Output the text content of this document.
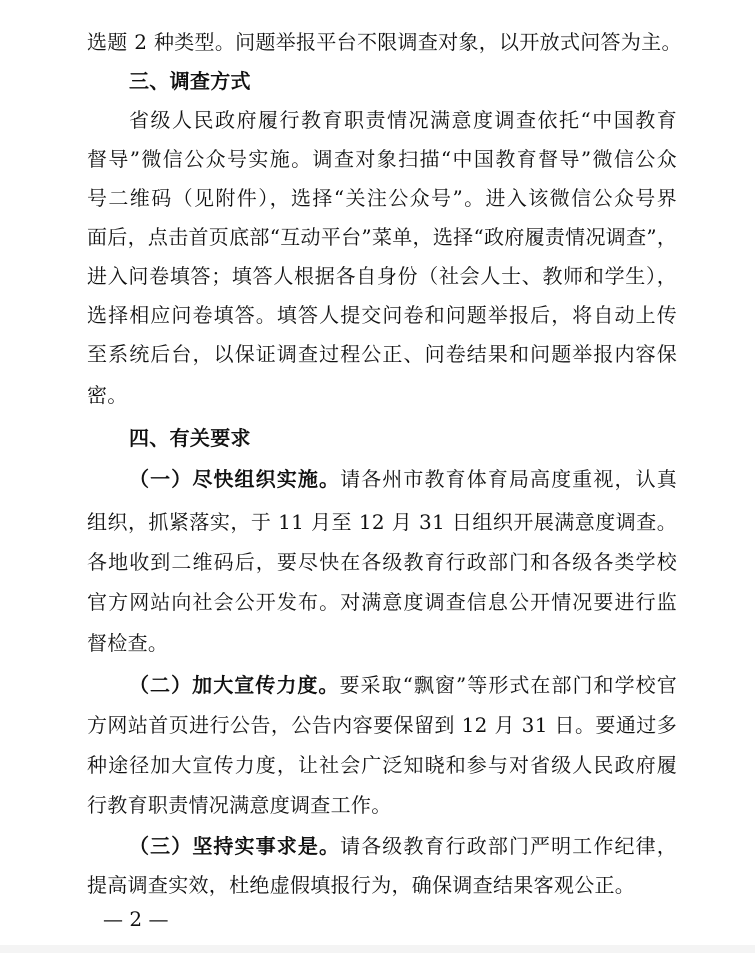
选题 2 种类型。问题举报平台不限调查对象，以开放式问答为主。
三、调查方式
省级人民政府履行教育职责情况满意度调查依托“中国教育
督导”微信公众号实施。调查对象扫描“中国教育督导”微信公众
号二维码（见附件），选择“关注公众号”。进入该微信公众号界
面后，点击首页底部“互动平台”菜单，选择“政府履责情况调查”，
进入问卷填答；填答人根据各自身份（社会人士、教师和学生），
选择相应问卷填答。填答人提交问卷和问题举报后，将自动上传
至系统后台，以保证调查过程公正、问卷结果和问题举报内容保
密。
四、有关要求
（一）尽快组织实施。请各州市教育体育局高度重视，认真
组织，抓紧落实，于 11 月至 12 月 31 日组织开展满意度调查。
各地收到二维码后，要尽快在各级教育行政部门和各级各类学校
官方网站向社会公开发布。对满意度调查信息公开情况要进行监
督检查。
（二）加大宣传力度。要采取“飘窗”等形式在部门和学校官
方网站首页进行公告，公告内容要保留到 12 月 31 日。要通过多
种途径加大宣传力度，让社会广泛知晓和参与对省级人民政府履
行教育职责情况满意度调查工作。
（三）坚持实事求是。请各级教育行政部门严明工作纪律，
提高调查实效，杜绝虚假填报行为，确保调查结果客观公正。
— 2 —
